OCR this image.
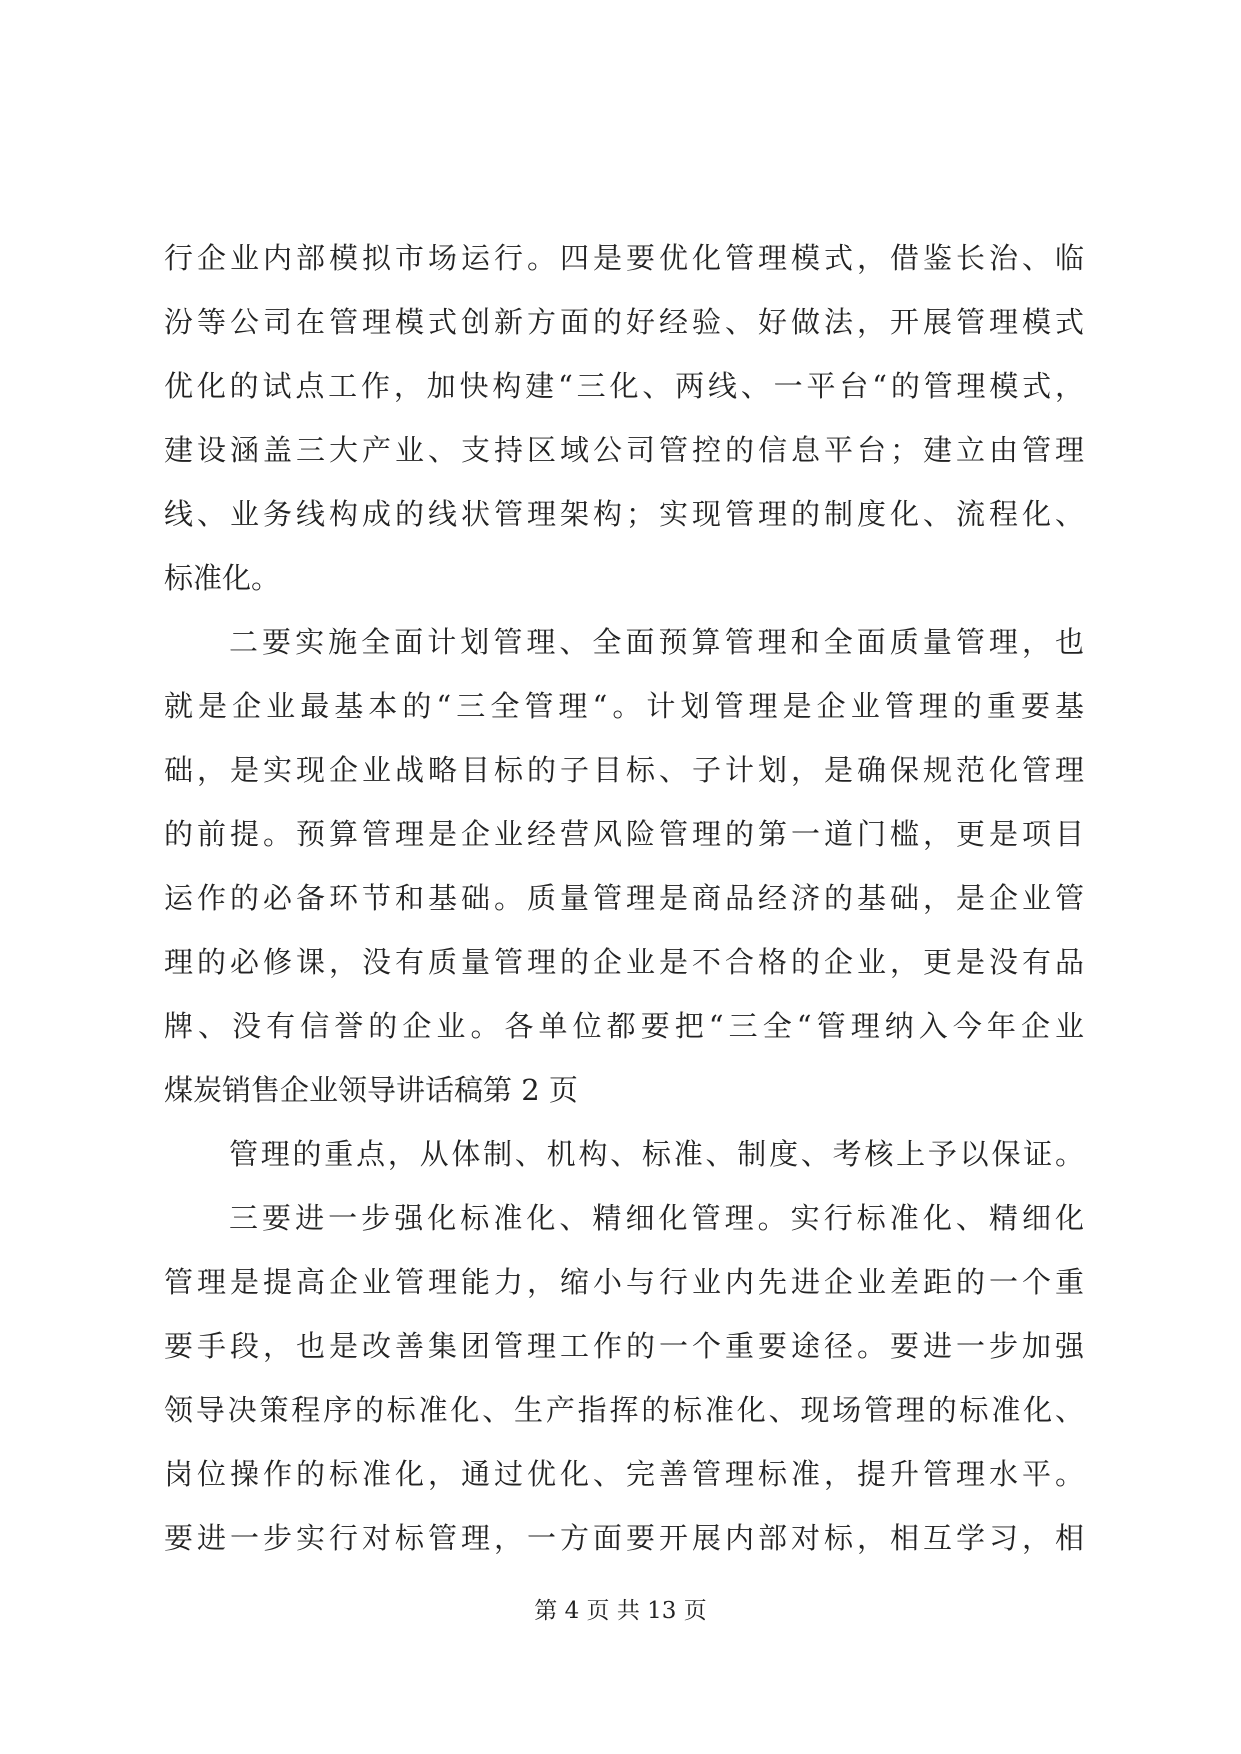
行企业内部模拟市场运行。四是要优化管理模式，借鉴长治、临
汾等公司在管理模式创新方面的好经验、好做法，开展管理模式
优化的试点工作，加快构建“三化、两线、一平台“的管理模式，
建设涵盖三大产业、支持区域公司管控的信息平台；建立由管理
线、业务线构成的线状管理架构；实现管理的制度化、流程化、
标准化。
二要实施全面计划管理、全面预算管理和全面质量管理，也
就是企业最基本的“三全管理“。计划管理是企业管理的重要基
础，是实现企业战略目标的子目标、子计划，是确保规范化管理
的前提。预算管理是企业经营风险管理的第一道门槛，更是项目
运作的必备环节和基础。质量管理是商品经济的基础，是企业管
理的必修课，没有质量管理的企业是不合格的企业，更是没有品
牌、没有信誉的企业。各单位都要把“三全“管理纳入今年企业
煤炭销售企业领导讲话稿第 2 页
管理的重点，从体制、机构、标准、制度、考核上予以保证。
三要进一步强化标准化、精细化管理。实行标准化、精细化
管理是提高企业管理能力，缩小与行业内先进企业差距的一个重
要手段，也是改善集团管理工作的一个重要途径。要进一步加强
领导决策程序的标准化、生产指挥的标准化、现场管理的标准化、
岗位操作的标准化，通过优化、完善管理标准，提升管理水平。
要进一步实行对标管理，一方面要开展内部对标，相互学习，相
第 4 页 共 13 页
